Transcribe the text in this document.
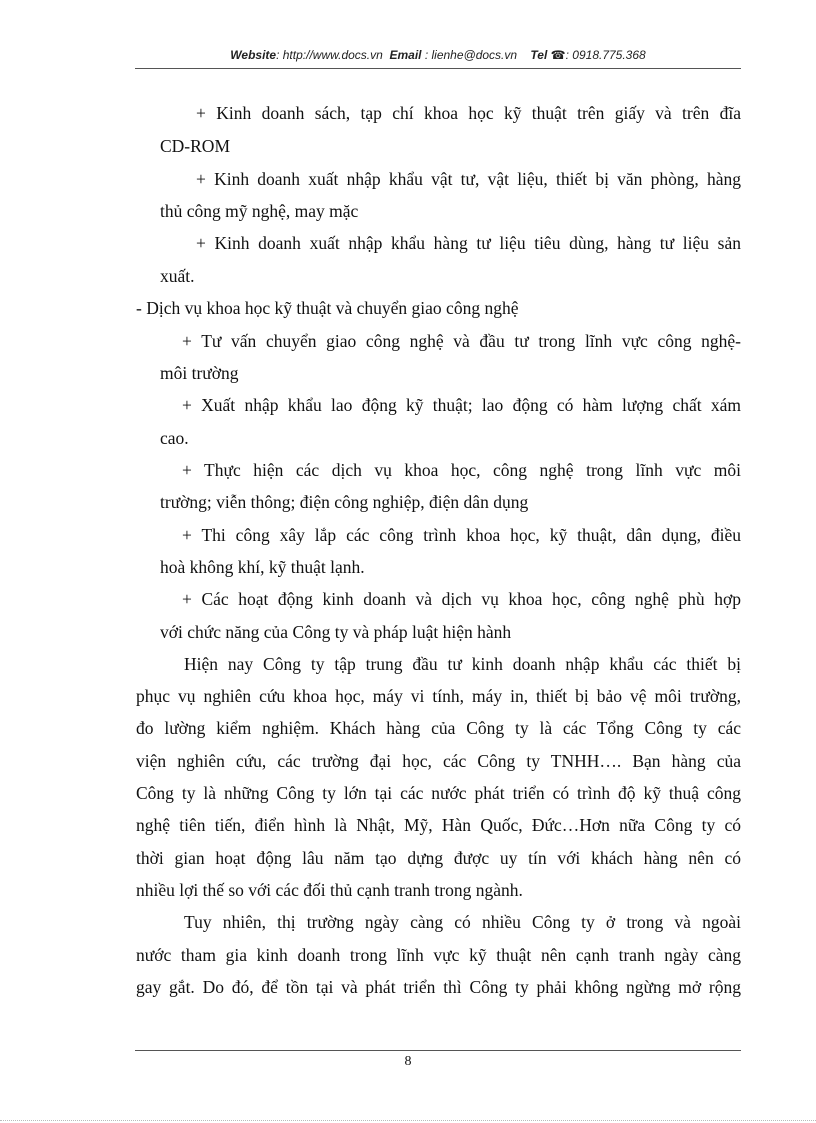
Website: http://www.docs.vn Email : lienhe@docs.vn Tel ☎: 0918.775.368
+ Kinh doanh sách, tạp chí khoa học kỹ thuật trên giấy và trên đĩa
CD-ROM
+ Kinh doanh xuất nhập khẩu vật tư, vật liệu, thiết bị văn phòng, hàng
thủ công mỹ nghệ, may mặc
+ Kinh doanh xuất nhập khẩu hàng tư liệu tiêu dùng, hàng tư liệu sản
xuất.
- Dịch vụ khoa học kỹ thuật và chuyển giao công nghệ
+ Tư vấn chuyển giao công nghệ và đầu tư trong lĩnh vực công nghệ-
môi trường
+ Xuất nhập khẩu lao động kỹ thuật; lao động có hàm lượng chất xám
cao.
+ Thực hiện các dịch vụ khoa học, công nghệ trong lĩnh vực môi
trường; viễn thông; điện công nghiệp, điện dân dụng
+ Thi công xây lắp các công trình khoa học, kỹ thuật, dân dụng, điều
hoà không khí, kỹ thuật lạnh.
+ Các hoạt động kinh doanh và dịch vụ khoa học, công nghệ phù hợp
với chức năng của Công ty và pháp luật hiện hành
Hiện nay Công ty tập trung đầu tư kinh doanh nhập khẩu các thiết bị
phục vụ nghiên cứu khoa học, máy vi tính, máy in, thiết bị bảo vệ môi trường,
đo lường kiểm nghiệm. Khách hàng của Công ty là các Tổng Công ty các
viện nghiên cứu, các trường đại học, các Công ty TNHH…. Bạn hàng của
Công ty là những Công ty lớn tại các nước phát triển có trình độ kỹ thuậ công
nghệ tiên tiến, điển hình là Nhật, Mỹ, Hàn Quốc, Đức…Hơn nữa Công ty có
thời gian hoạt động lâu năm tạo dựng được uy tín với khách hàng nên có
nhiều lợi thế so với các đối thủ cạnh tranh trong ngành.
Tuy nhiên, thị trường ngày càng có nhiều Công ty ở trong và ngoài
nước tham gia kinh doanh trong lĩnh vực kỹ thuật nên cạnh tranh ngày càng
gay gắt. Do đó, để tồn tại và phát triển thì Công ty phải không ngừng mở rộng
8
